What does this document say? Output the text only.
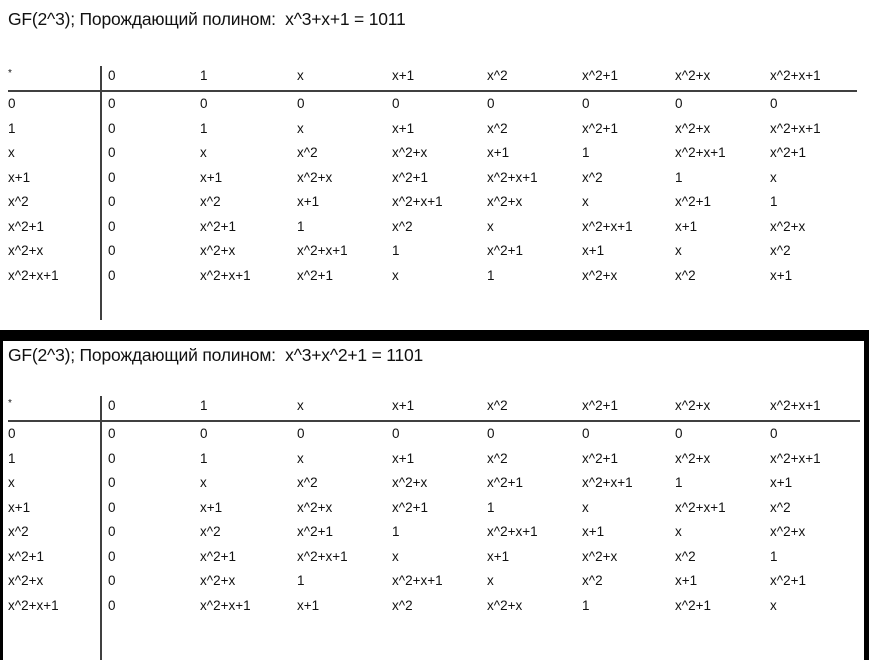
GF(2^3); Порождающий полином:  x^3+x+1 = 1011
*	0	1	x	x+1	x^2	x^2+1	x^2+x	x^2+x+1
0	0	0	0	0	0	0	0	0
1	0	1	x	x+1	x^2	x^2+1	x^2+x	x^2+x+1
x	0	x	x^2	x^2+x	x+1	1	x^2+x+1	x^2+1
x+1	0	x+1	x^2+x	x^2+1	x^2+x+1	x^2	1	x
x^2	0	x^2	x+1	x^2+x+1	x^2+x	x	x^2+1	1
x^2+1	0	x^2+1	1	x^2	x	x^2+x+1	x+1	x^2+x
x^2+x	0	x^2+x	x^2+x+1	1	x^2+1	x+1	x	x^2
x^2+x+1	0	x^2+x+1	x^2+1	x	1	x^2+x	x^2	x+1
GF(2^3); Порождающий полином:  x^3+x^2+1 = 1101
*	0	1	x	x+1	x^2	x^2+1	x^2+x	x^2+x+1
0	0	0	0	0	0	0	0	0
1	0	1	x	x+1	x^2	x^2+1	x^2+x	x^2+x+1
x	0	x	x^2	x^2+x	x^2+1	x^2+x+1	1	x+1
x+1	0	x+1	x^2+x	x^2+1	1	x	x^2+x+1	x^2
x^2	0	x^2	x^2+1	1	x^2+x+1	x+1	x	x^2+x
x^2+1	0	x^2+1	x^2+x+1	x	x+1	x^2+x	x^2	1
x^2+x	0	x^2+x	1	x^2+x+1	x	x^2	x+1	x^2+1
x^2+x+1	0	x^2+x+1	x+1	x^2	x^2+x	1	x^2+1	x
